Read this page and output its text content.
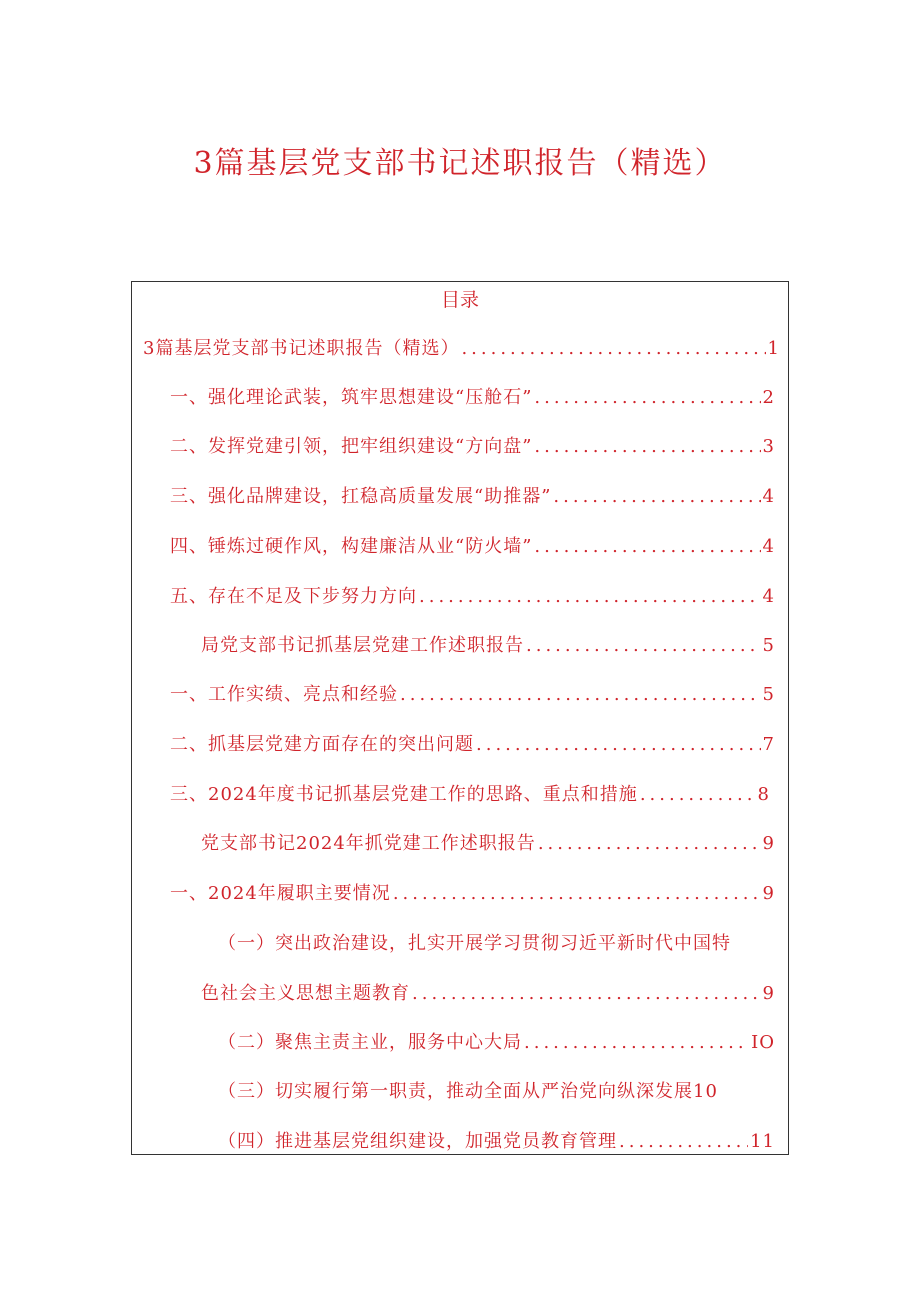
3篇基层党支部书记述职报告（精选）
目录
3篇基层党支部书记述职报告（精选） .....	1
一、强化理论武装，筑牢思想建设“压舱石” .....	2
二、发挥党建引领，把牢组织建设“方向盘” .....	3
三、强化品牌建设，扛稳高质量发展“助推器” .....	4
四、锤炼过硬作风，构建廉洁从业“防火墙” .....	4
五、存在不足及下步努力方向 .....	4
局党支部书记抓基层党建工作述职报告 .....	5
一、工作实绩、亮点和经验 .....	5
二、抓基层党建方面存在的突出问题 .....	7
三、2024年度书记抓基层党建工作的思路、重点和措施 .....	8
党支部书记2024年抓党建工作述职报告 .....	9
一、2024年履职主要情况 .....	9
（一）突出政治建设，扎实开展学习贯彻习近平新时代中国特
色社会主义思想主题教育 .....	9
（二）聚焦主责主业，服务中心大局 .....	IO
（三）切实履行第一职责，推动全面从严治党向纵深发展 10
（四）推进基层党组织建设，加强党员教育管理 .....	11
